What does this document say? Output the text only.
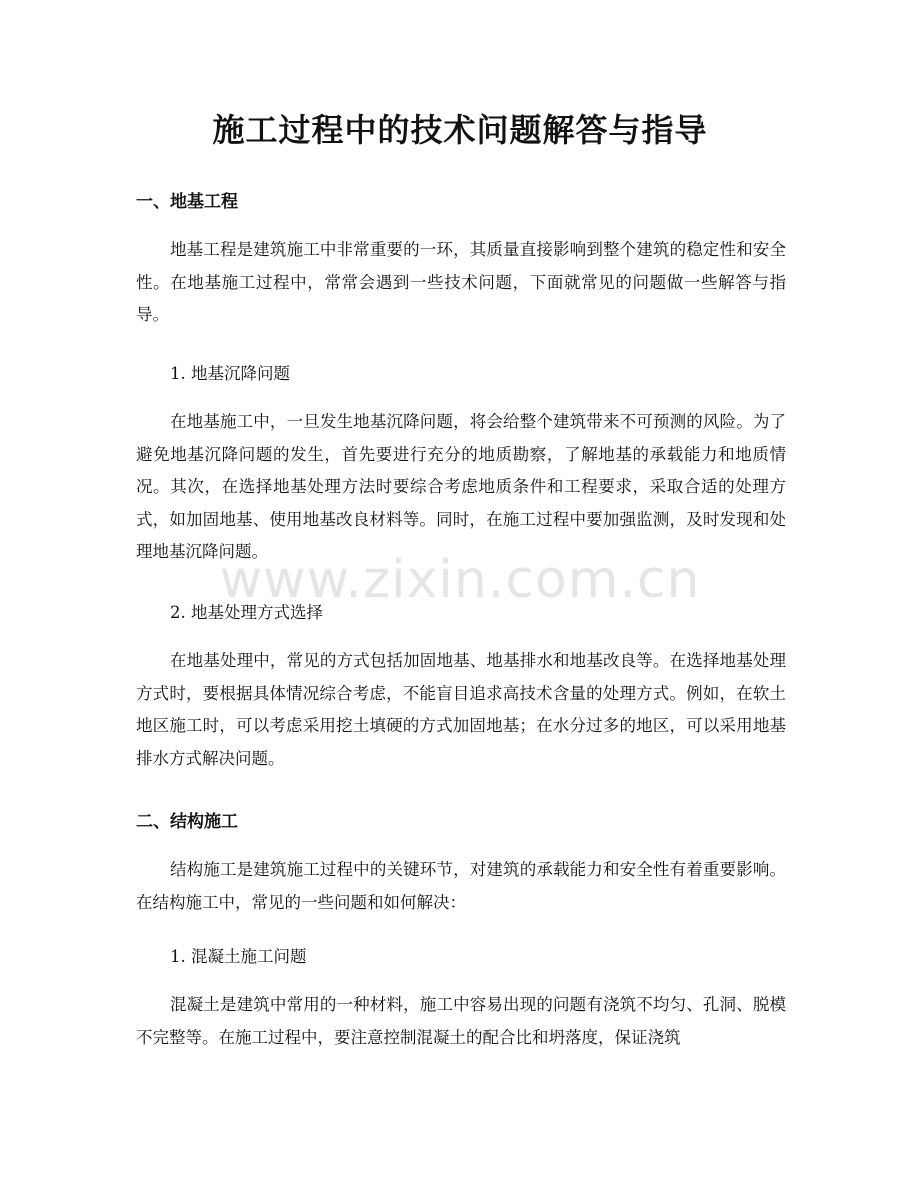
施工过程中的技术问题解答与指导
一、地基工程
地基工程是建筑施工中非常重要的一环，其质量直接影响到整个建筑的稳定性和安全性。在地基施工过程中，常常会遇到一些技术问题，下面就常见的问题做一些解答与指导。
1. 地基沉降问题
在地基施工中，一旦发生地基沉降问题，将会给整个建筑带来不可预测的风险。为了避免地基沉降问题的发生，首先要进行充分的地质勘察，了解地基的承载能力和地质情况。其次，在选择地基处理方法时要综合考虑地质条件和工程要求，采取合适的处理方式，如加固地基、使用地基改良材料等。同时，在施工过程中要加强监测，及时发现和处理地基沉降问题。
2. 地基处理方式选择
在地基处理中，常见的方式包括加固地基、地基排水和地基改良等。在选择地基处理方式时，要根据具体情况综合考虑，不能盲目追求高技术含量的处理方式。例如，在软土地区施工时，可以考虑采用挖土填硬的方式加固地基；在水分过多的地区，可以采用地基排水方式解决问题。
二、结构施工
结构施工是建筑施工过程中的关键环节，对建筑的承载能力和安全性有着重要影响。在结构施工中，常见的一些问题和如何解决：
1. 混凝土施工问题
混凝土是建筑中常用的一种材料，施工中容易出现的问题有浇筑不均匀、孔洞、脱模不完整等。在施工过程中，要注意控制混凝土的配合比和坍落度，保证浇筑
www.zixin.com.cn
